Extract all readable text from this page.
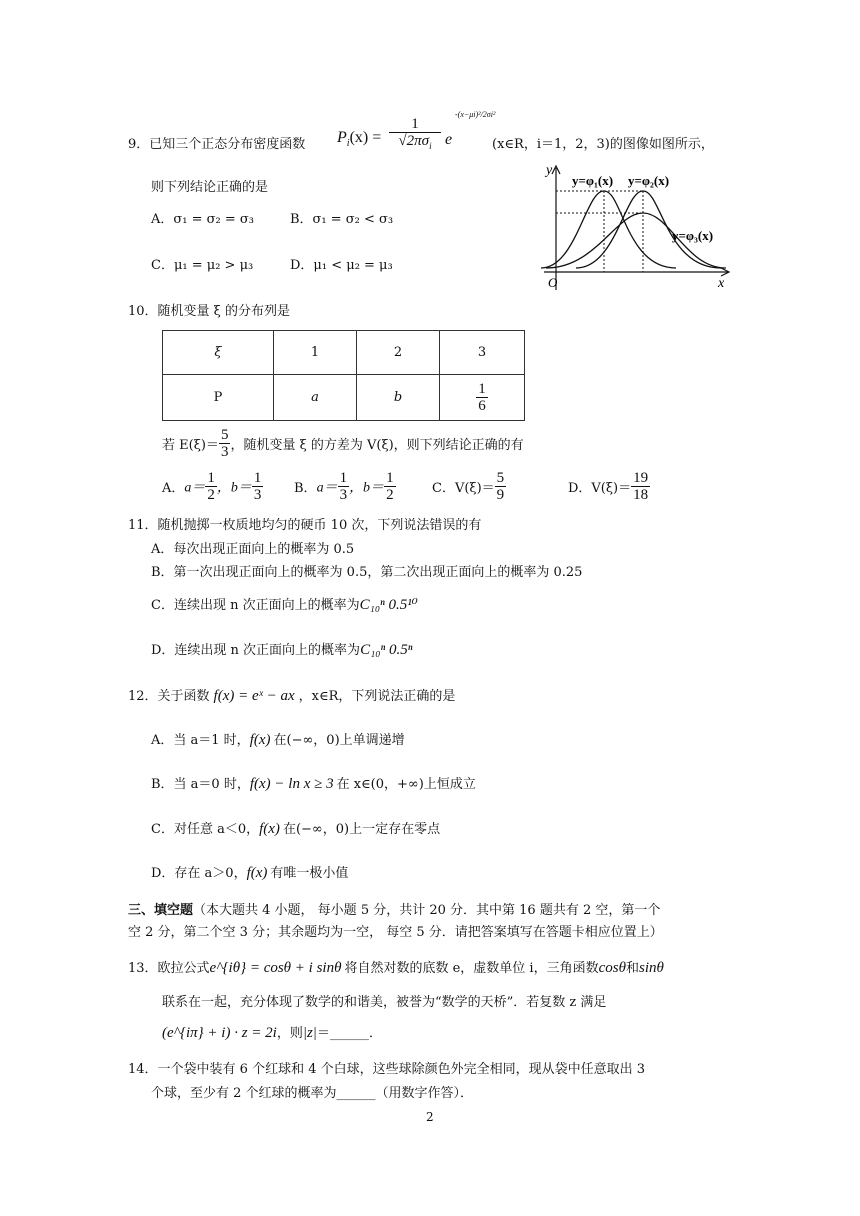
9．已知三个正态分布密度函数 $P_i(x)$ =
1
$√2\pi\sigma_i$ e
-(x−μi)²/2σi²
(x∈R，i＝1，2，3)的图像如图所示，
则下列结论正确的是
A．σ₁ = σ₂ = σ₃	B．σ₁ = σ₂ < σ₃
C．μ₁ = μ₂ > μ₃	D．μ₁ < μ₂ = μ₃
y
x
O
y=φ₁(x) y=φ₂(x)
y=φ₃(x)
10．随机变量 ξ 的分布列是
ξ	1	2	3
P	a	b	$\frac{1}{6}$
若 $E(\xi)= \frac{5}{3}$ ，随机变量 ξ 的方差为 V(ξ)，则下列结论正确的有
A．$a= \frac{1}{2}$ ，$b= \frac{1}{3}$ B．$a= \frac{1}{3}$ ，$b= \frac{1}{2}$	C．$V(\xi)= \frac{5}{9}$	D．$V(\xi)= \frac{19}{18}$
11．随机抛掷一枚质地均匀的硬币 10 次，下列说法错误的有
A．每次出现正面向上的概率为 0.5
B．第一次出现正面向上的概率为 0.5，第二次出现正面向上的概率为 0.25
C．连续出现 n 次正面向上的概率为C₁₀ⁿ 0.5¹⁰
D．连续出现 n 次正面向上的概率为C₁₀ⁿ 0.5ⁿ
12．关于函数 f(x) = eˣ − ax ，x∈R，下列说法正确的是
A．当 a＝1 时，f(x) 在(−∞，0)上单调递增
B．当 a＝0 时，f(x) − ln x ≥ 3 在 x∈(0，+∞)上恒成立
C．对任意 a＜0，f(x) 在(−∞，0)上一定存在零点
D．存在 a＞0，f(x) 有唯一极小值
三、填空题（本大题共 4 小题， 每小题 5 分，共计 20 分．其中第 16 题共有 2 空，第一个
空 2 分，第二个空 3 分；其余题均为一空， 每空 5 分．请把答案填写在答题卡相应位置上）
13．欧拉公式e^{iθ} = cosθ + i sinθ 将自然对数的底数 e，虚数单位 i，三角函数cosθ和sinθ
联系在一起，充分体现了数学的和谐美，被誉为“数学的天桥”．若复数 z 满足
(e^{iπ} + i) · z = 2i，则|z|＝______．
14．一个袋中装有 6 个红球和 4 个白球，这些球除颜色外完全相同，现从袋中任意取出 3
个球，至少有 2 个红球的概率为______（用数字作答）．
2
